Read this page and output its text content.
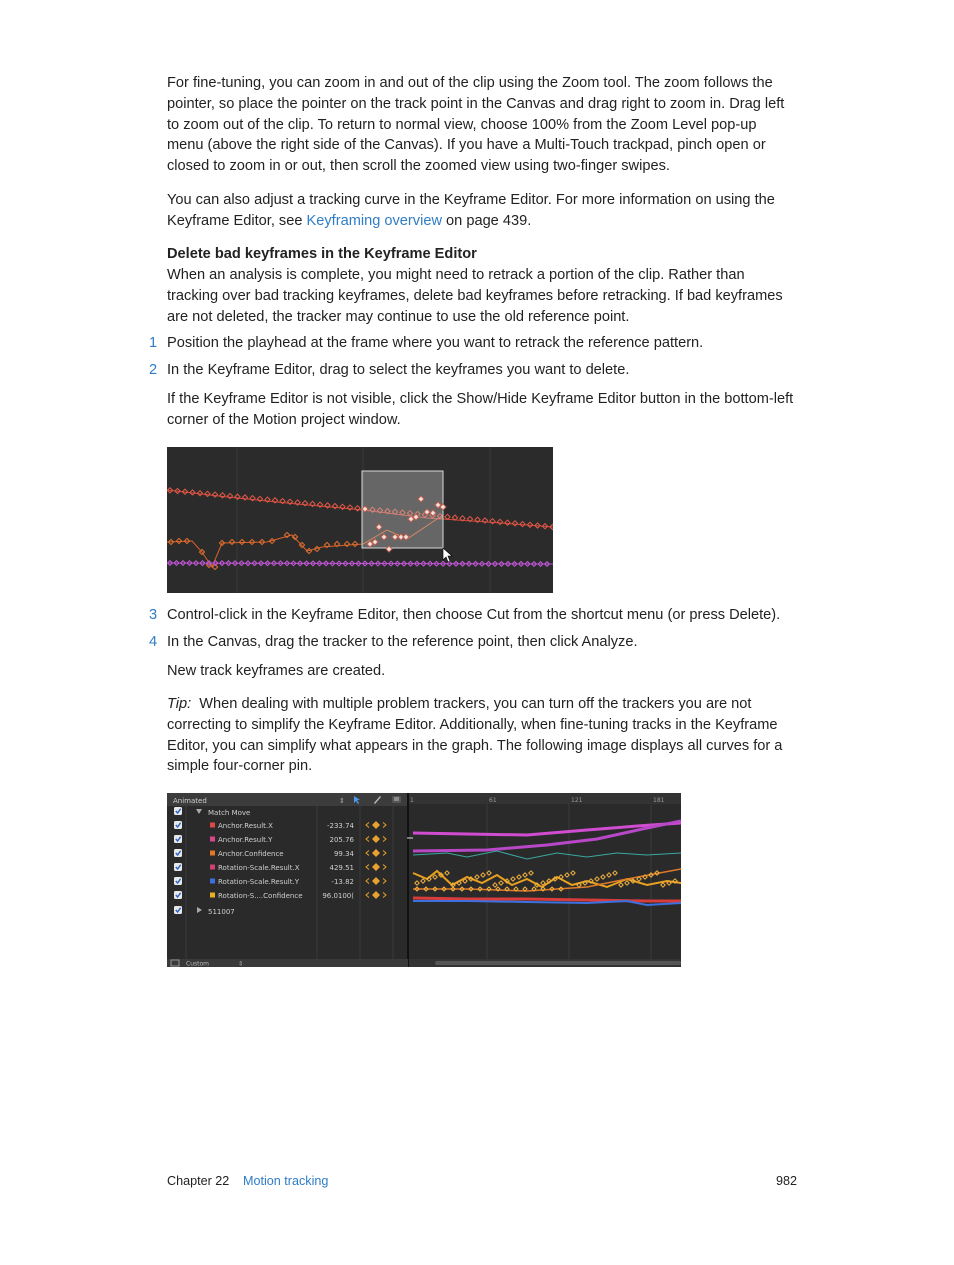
For fine-tuning, you can zoom in and out of the clip using the Zoom tool. The zoom follows the pointer, so place the pointer on the track point in the Canvas and drag right to zoom in. Drag left to zoom out of the clip. To return to normal view, choose 100% from the Zoom Level pop-up menu (above the right side of the Canvas). If you have a Multi-Touch trackpad, pinch open or closed to zoom in or out, then scroll the zoomed view using two-finger swipes.

You can also adjust a tracking curve in the Keyframe Editor. For more information on using the Keyframe Editor, see Keyframing overview on page 439.

Delete bad keyframes in the Keyframe Editor

When an analysis is complete, you might need to retrack a portion of the clip. Rather than tracking over bad tracking keyframes, delete bad keyframes before retracking. If bad keyframes are not deleted, the tracker may continue to use the old reference point.

1 Position the playhead at the frame where you want to retrack the reference pattern.

2 In the Keyframe Editor, drag to select the keyframes you want to delete.

If the Keyframe Editor is not visible, click the Show/Hide Keyframe Editor button in the bottom-left corner of the Motion project window.

3 Control-click in the Keyframe Editor, then choose Cut from the shortcut menu (or press Delete).

4 In the Canvas, drag the tracker to the reference point, then click Analyze.

New track keyframes are created.

Tip: When dealing with multiple problem trackers, you can turn off the trackers you are not correcting to simplify the Keyframe Editor. Additionally, when fine-tuning tracks in the Keyframe Editor, you can simplify what appears in the graph. The following image displays all curves for a simple four-corner pin.

Animated	⇕
Match Move
Anchor.Result.X	-233.74
Anchor.Result.Y	205.76
Anchor.Confidence	99.34
Rotation-Scale.Result.X	429.51
Rotation-Scale.Result.Y	-13.82
Rotation-S....Confidence	96.0100(
511007
Custom	⇕
1	61	121	181
Chapter 22 Motion tracking	982
